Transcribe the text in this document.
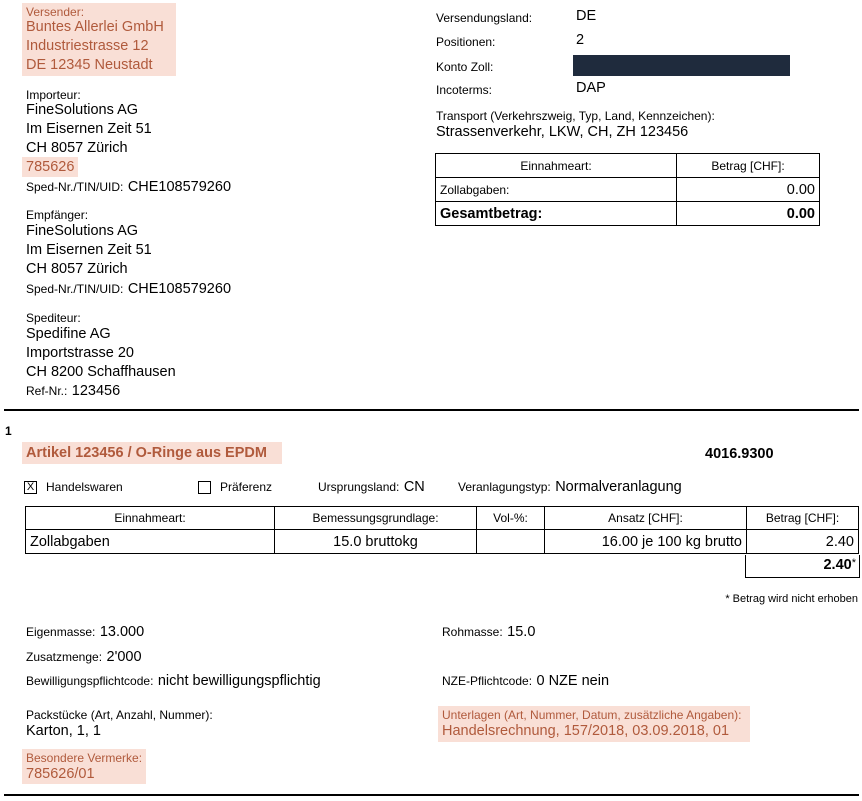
Versender:
Buntes Allerlei GmbH
Industriestrasse 12
DE 12345 Neustadt
Importeur:
FineSolutions AG
Im Eisernen Zeit 51
CH 8057 Zürich
785626
Sped-Nr./TIN/UID: CHE108579260
Empfänger:
FineSolutions AG
Im Eisernen Zeit 51
CH 8057 Zürich
Sped-Nr./TIN/UID: CHE108579260
Spediteur:
Spedifine AG
Importstrasse 20
CH 8200 Schaffhausen
Ref-Nr.: 123456
Versendungsland:	DE
Positionen:	2
Konto Zoll:
Incoterms:	DAP
Transport (Verkehrszweig, Typ, Land, Kennzeichen):
Strassenverkehr, LKW, CH, ZH 123456
Einnahmeart:	Betrag [CHF]:
Zollabgaben:	0.00
Gesamtbetrag:	0.00
1
Artikel 123456 / O-Ringe aus EPDM	4016.9300
X Handelswaren	Präferenz	Ursprungsland: CN	Veranlagungstyp: Normalveranlagung
Einnahmeart:	Bemessungsgrundlage:	Vol-%:	Ansatz [CHF]:	Betrag [CHF]:
Zollabgaben	15.0 bruttokg		16.00 je 100 kg brutto	2.40
2.40*
* Betrag wird nicht erhoben
Eigenmasse: 13.000	Rohmasse: 15.0
Zusatzmenge: 2'000
Bewilligungspflichtcode: nicht bewilligungspflichtig	NZE-Pflichtcode: 0 NZE nein
Packstücke (Art, Anzahl, Nummer):
Karton, 1, 1
Unterlagen (Art, Nummer, Datum, zusätzliche Angaben):
Handelsrechnung, 157/2018, 03.09.2018, 01
Besondere Vermerke:
785626/01
